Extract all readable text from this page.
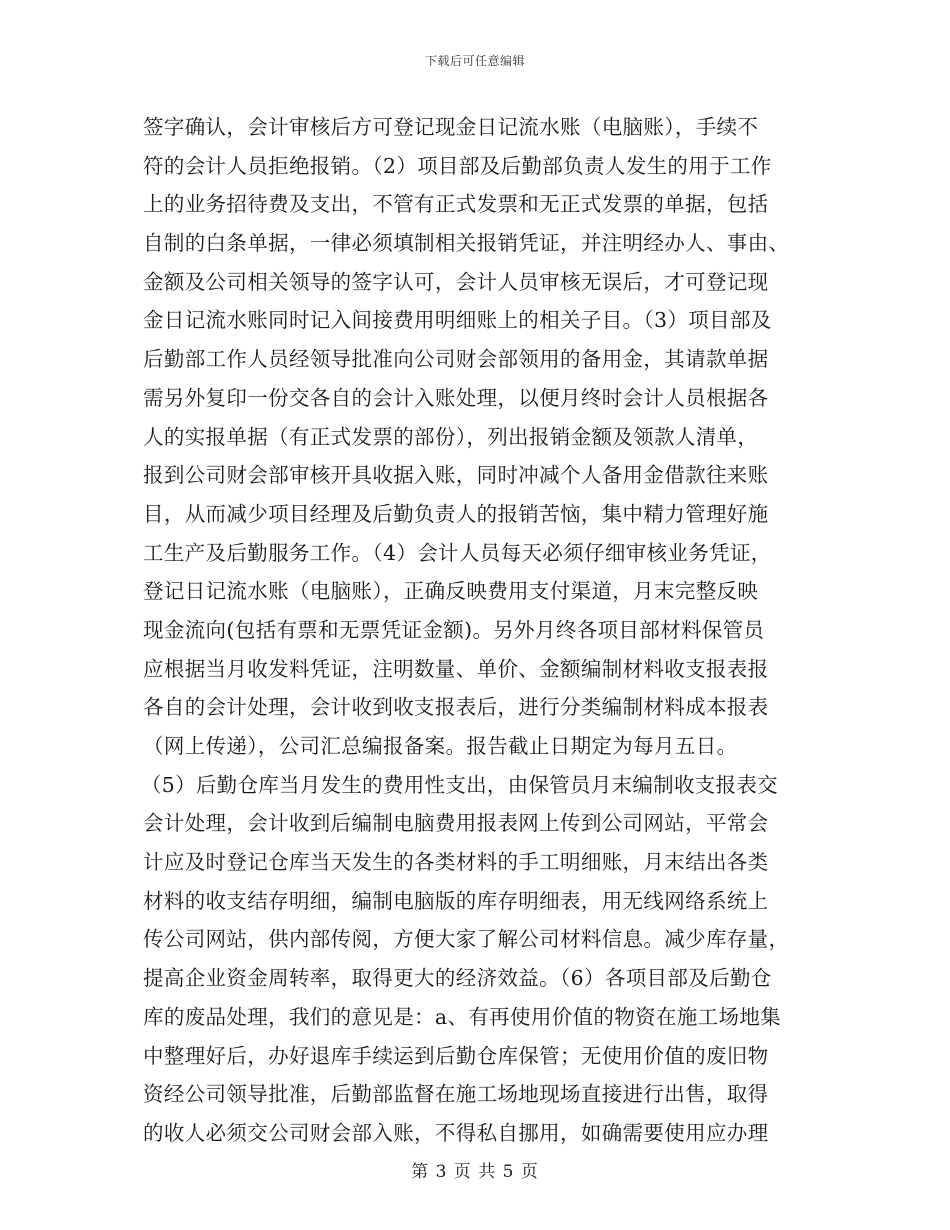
下载后可任意编辑
签字确认，会计审核后方可登记现金日记流水账（电脑账），手续不
符的会计人员拒绝报销。（2）项目部及后勤部负责人发生的用于工作
上的业务招待费及支出，不管有正式发票和无正式发票的单据，包括
自制的白条单据，一律必须填制相关报销凭证，并注明经办人、事由、
金额及公司相关领导的签字认可，会计人员审核无误后，才可登记现
金日记流水账同时记入间接费用明细账上的相关子目。（3）项目部及
后勤部工作人员经领导批准向公司财会部领用的备用金，其请款单据
需另外复印一份交各自的会计入账处理，以便月终时会计人员根据各
人的实报单据（有正式发票的部份），列出报销金额及领款人清单，
报到公司财会部审核开具收据入账，同时冲减个人备用金借款往来账
目，从而减少项目经理及后勤负责人的报销苦恼，集中精力管理好施
工生产及后勤服务工作。（4）会计人员每天必须仔细审核业务凭证，
登记日记流水账（电脑账），正确反映费用支付渠道，月末完整反映
现金流向(包括有票和无票凭证金额)。另外月终各项目部材料保管员
应根据当月收发料凭证，注明数量、单价、金额编制材料收支报表报
各自的会计处理，会计收到收支报表后，进行分类编制材料成本报表
（网上传递），公司汇总编报备案。报告截止日期定为每月五日。
（5）后勤仓库当月发生的费用性支出，由保管员月末编制收支报表交
会计处理，会计收到后编制电脑费用报表网上传到公司网站，平常会
计应及时登记仓库当天发生的各类材料的手工明细账，月末结出各类
材料的收支结存明细，编制电脑版的库存明细表，用无线网络系统上
传公司网站，供内部传阅，方便大家了解公司材料信息。减少库存量，
提高企业资金周转率，取得更大的经济效益。（6）各项目部及后勤仓
库的废品处理，我们的意见是：a、有再使用价值的物资在施工场地集
中整理好后，办好退库手续运到后勤仓库保管；无使用价值的废旧物
资经公司领导批准，后勤部监督在施工场地现场直接进行出售，取得
的收人必须交公司财会部入账，不得私自挪用，如确需要使用应办理
第 3 页 共 5 页
